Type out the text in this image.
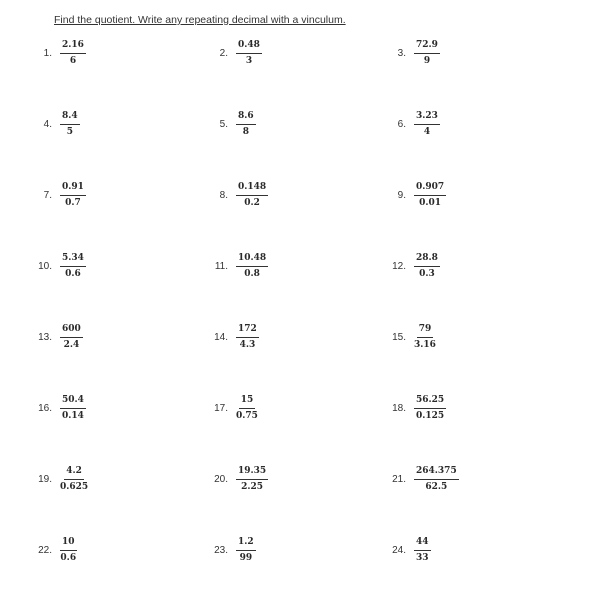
Find the quotient. Write any repeating decimal with a vinculum.
1. $\frac{2.16}{6}$	2. $\frac{0.48}{3}$	3. $\frac{72.9}{9}$
4. $\frac{8.4}{5}$	5. $\frac{8.6}{8}$	6. $\frac{3.23}{4}$
7. $\frac{0.91}{0.7}$	8. $\frac{0.148}{0.2}$	9. $\frac{0.907}{0.01}$
10. $\frac{5.34}{0.6}$	11. $\frac{10.48}{0.8}$	12. $\frac{28.8}{0.3}$
13. $\frac{600}{2.4}$	14. $\frac{172}{4.3}$	15. $\frac{79}{3.16}$
16. $\frac{50.4}{0.14}$	17. $\frac{15}{0.75}$	18. $\frac{56.25}{0.125}$
19. $\frac{4.2}{0.625}$	20. $\frac{19.35}{2.25}$	21. $\frac{264.375}{62.5}$
22. $\frac{10}{0.6}$	23. $\frac{1.2}{99}$	24. $\frac{44}{33}$
